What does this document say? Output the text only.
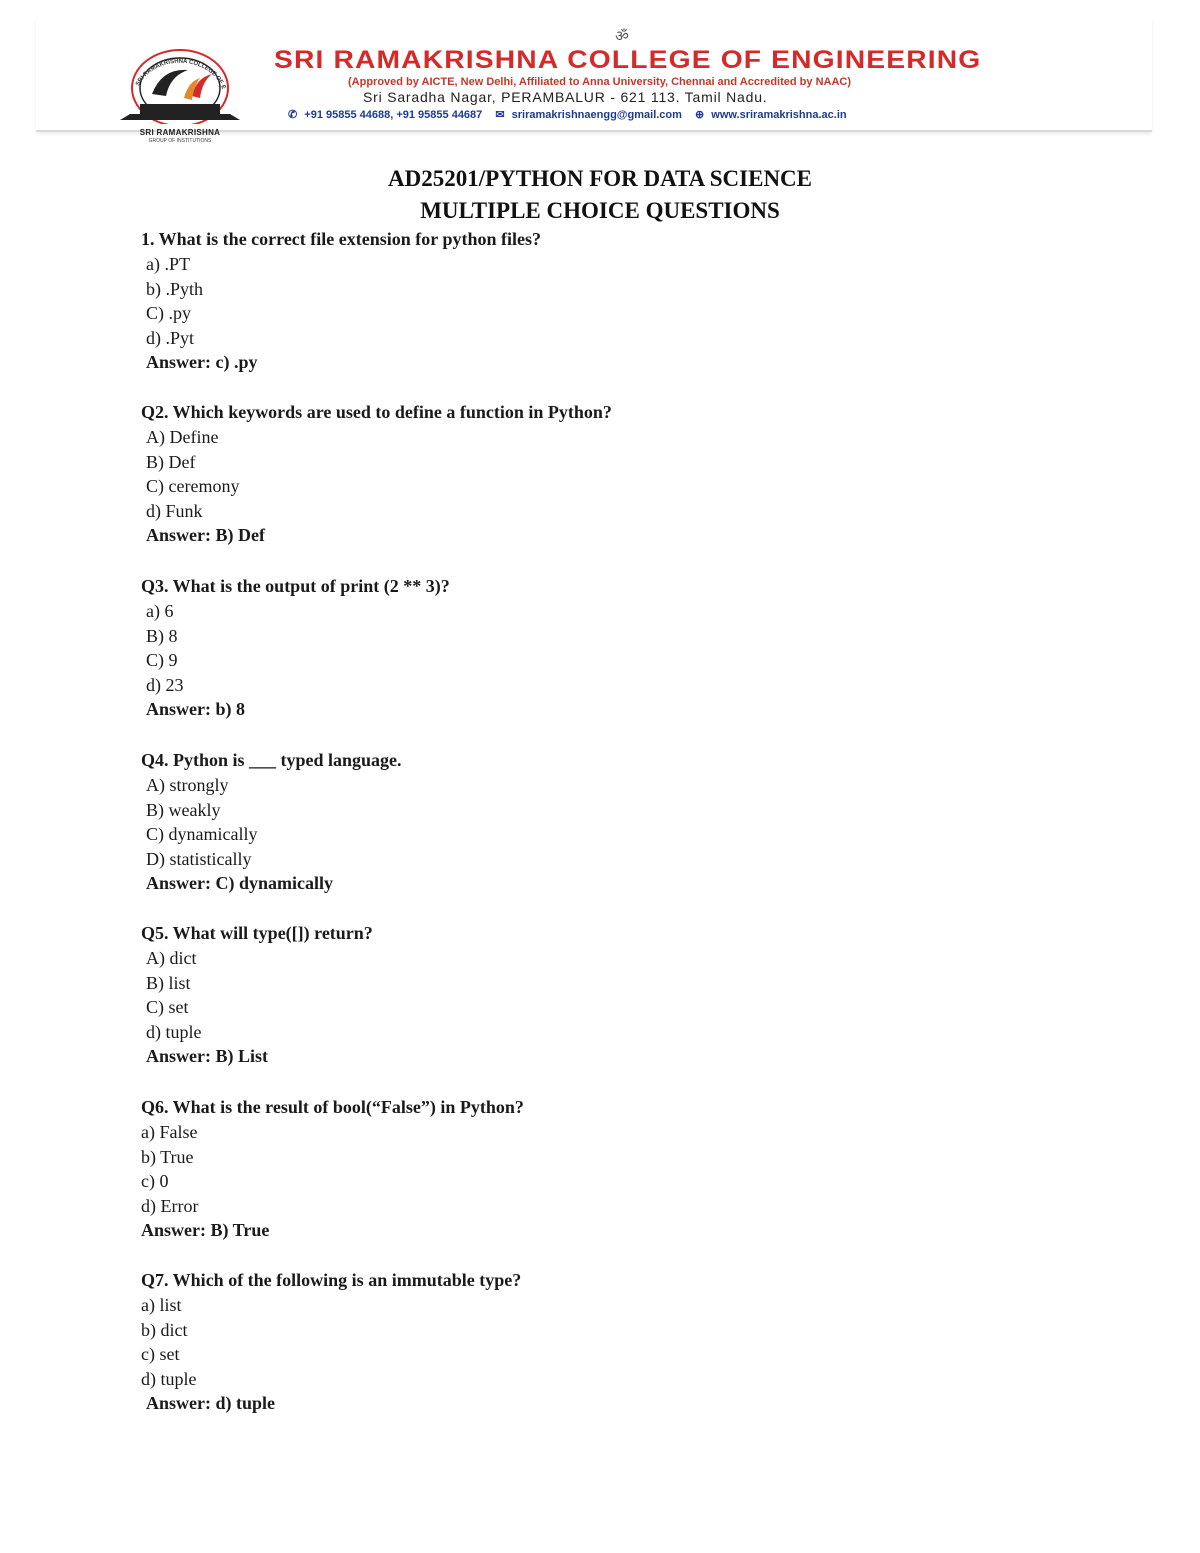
ॐ
SRI RAMAKRISHNA COLLEGE OF E
SRI RAMAKRISHNA
GROUP OF INSTITUTIONS
SRI RAMAKRISHNA COLLEGE OF ENGINEERING
(Approved by AICTE, New Delhi, Affiliated to Anna University, Chennai and Accredited by NAAC)
Sri Saradha Nagar, PERAMBALUR - 621 113. Tamil Nadu.
✆ +91 95855 44688, +91 95855 44687 ✉ sriramakrishnaengg@gmail.com ⊕ www.sriramakrishna.ac.in
AD25201/PYTHON FOR DATA SCIENCE
MULTIPLE CHOICE QUESTIONS
1. What is the correct file extension for python files?
a) .PT
b) .Pyth
C) .py
d) .Pyt
Answer: c) .py
Q2. Which keywords are used to define a function in Python?
A) Define
B) Def
C) ceremony
d) Funk
Answer: B) Def
Q3. What is the output of print (2 ** 3)?
a) 6
B) 8
C) 9
d) 23
Answer: b) 8
Q4. Python is ___ typed language.
A) strongly
B) weakly
C) dynamically
D) statistically
Answer: C) dynamically
Q5. What will type([]) return?
A) dict
B) list
C) set
d) tuple
Answer: B) List
Q6. What is the result of bool(“False”) in Python?
a) False
b) True
c) 0
d) Error
Answer: B) True
Q7. Which of the following is an immutable type?
a) list
b) dict
c) set
d) tuple
Answer: d) tuple
